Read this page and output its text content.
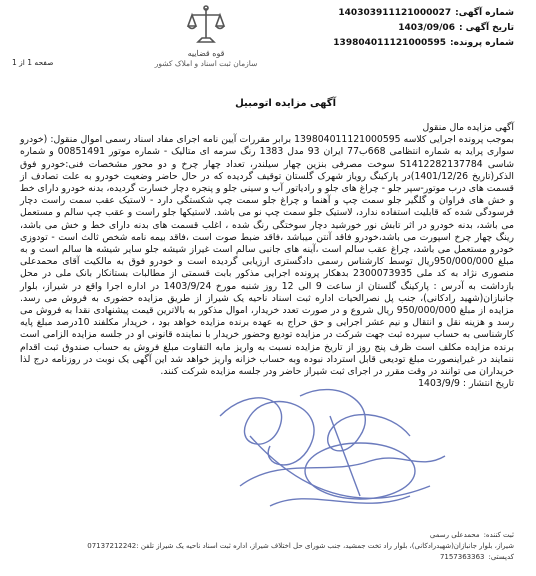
شماره آگهی:
140303911121000027
تاریخ آگهی :
1403/09/06
شماره پرونده:
139804011121000595
قوه قضاییه
سازمان ثبت اسناد و املاک کشور
صفحه 1 از 1
آگهی مزایده اتومبیل

آگهی مزایده مال منقول

بموجب پرونده اجرایی کلاسه 139804011121000595 برابر مقررات آیین نامه اجرای مفاد اسناد رسمی اموال منقول: (خودرو سواری پراید به شماره انتظامی 668ب77 ایران 93 مدل 1383 رنگ سرمه ای متالیک - شماره موتور 00851491 و شماره شاسی S1412282137784 سوخت مصرفی بنزین چهار سیلندر، تعداد چهار چرخ و دو محور مشخصات فنی:خودرو فوق الذکر(تاریخ 1401/12/26)در پارکینگ رویاز شهرک گلستان توقیف گردیده که در حال حاضر وضعیت خودرو به علت تصادف از قسمت های درب موتور-سپر جلو - چراغ های جلو و رادیاتور آب و سینی جلو و پنجره دچار خسارت گردیده، بدنه خودرو دارای خط و خش های فراوان و گلگیر جلو سمت چپ و آهنما و چراغ جلو سمت چپ شکستگی دارد - لاستیک عقب سمت راست دچار فرسودگی شده که قابلیت استفاده ندارد، لاستیک جلو سمت چپ نو می باشد. لاستیکها جلو راست و عقب چپ سالم و مستعمل می باشد، بدنه خودرو در اثر تابش نور خورشید دچار سوختگی رنگ شده ، اغلب قسمت های بدنه دارای خط و خش می باشد، رینگ چهار چرخ اسپورت می باشد،خودرو فاقد آنتن میباشد ،فاقد ضبط صوت است ،فاقد بیمه نامه شخص ثالث است - تودوزی خودرو مستعمل می باشد، چراغ عقب سالم است ،آینه های جانبی سالم است غیراز شیشه جلو سایر شیشه ها سالم است و به مبلغ 950/000/000ریال توسط کارشناس رسمی دادگستری ارزیابی گردیده است و خودرو فوق به مالکیت آقای محمدعلی منصوری نژاد به کد ملی 2300073935 بدهکار پرونده اجرایی مذکور بابت قسمتی از مطالبات بستانکار بانک ملی در محل بازداشت به آدرس : پارکینگ گلستان از ساعت 9 الی 12 روز شنبه مورخ 1403/9/24 در اداره اجرا واقع در شیراز، بلوار جانبازان(شهید رادکانی)، جنب پل نصرالحیات اداره ثبت اسناد ناحیه یک شیراز از طریق مزایده حضوری به فروش می رسد. مزایده از مبلغ 950/000/000 ریال شروع و در صورت تعدد خریدار، اموال مذکور به بالاترین قیمت پیشنهادی نقدا به فروش می رسد و هزینه نقل و انتقال و نیم عشر اجرایی و حق حراج به عهده برنده مزایده خواهد بود ، خریدار مکلفند 10درصد مبلغ پایه کارشناسی به حساب سپرده ثبت جهت شرکت در مزایده تودیع وحضور خریدار با نماینده قانونی او در جلسه مزایده الزامی است برنده مزایده مکلف است ظرف پنج روز از تاریخ مزایده نسبت به واریز مابه التفاوت مبلغ فروش به حساب صندوق ثبت اقدام ننمایند در غیراینصورت مبلغ تودیعی قابل استرداد نبوده وبه حساب خزانه واریز خواهد شد این آگهی یک نوبت در روزنامه درج لذا خریداران می توانند در وقت مقرر در اجرای ثبت شیراز حاضر ودر جلسه مزایده شرکت کنند.

تاریخ انتشار : 1403/9/9

ثبت کننده:
محمدعلی رسمی
شیراز، بلوار جانبازان(شهیدرادکانی)، بلوار راد تخت جمشید، جنب شورای حل اختلاف شیراز، اداره ثبت اسناد ناحیه یک شیراز تلفن :07137212242
کدپستی:
7157363363
